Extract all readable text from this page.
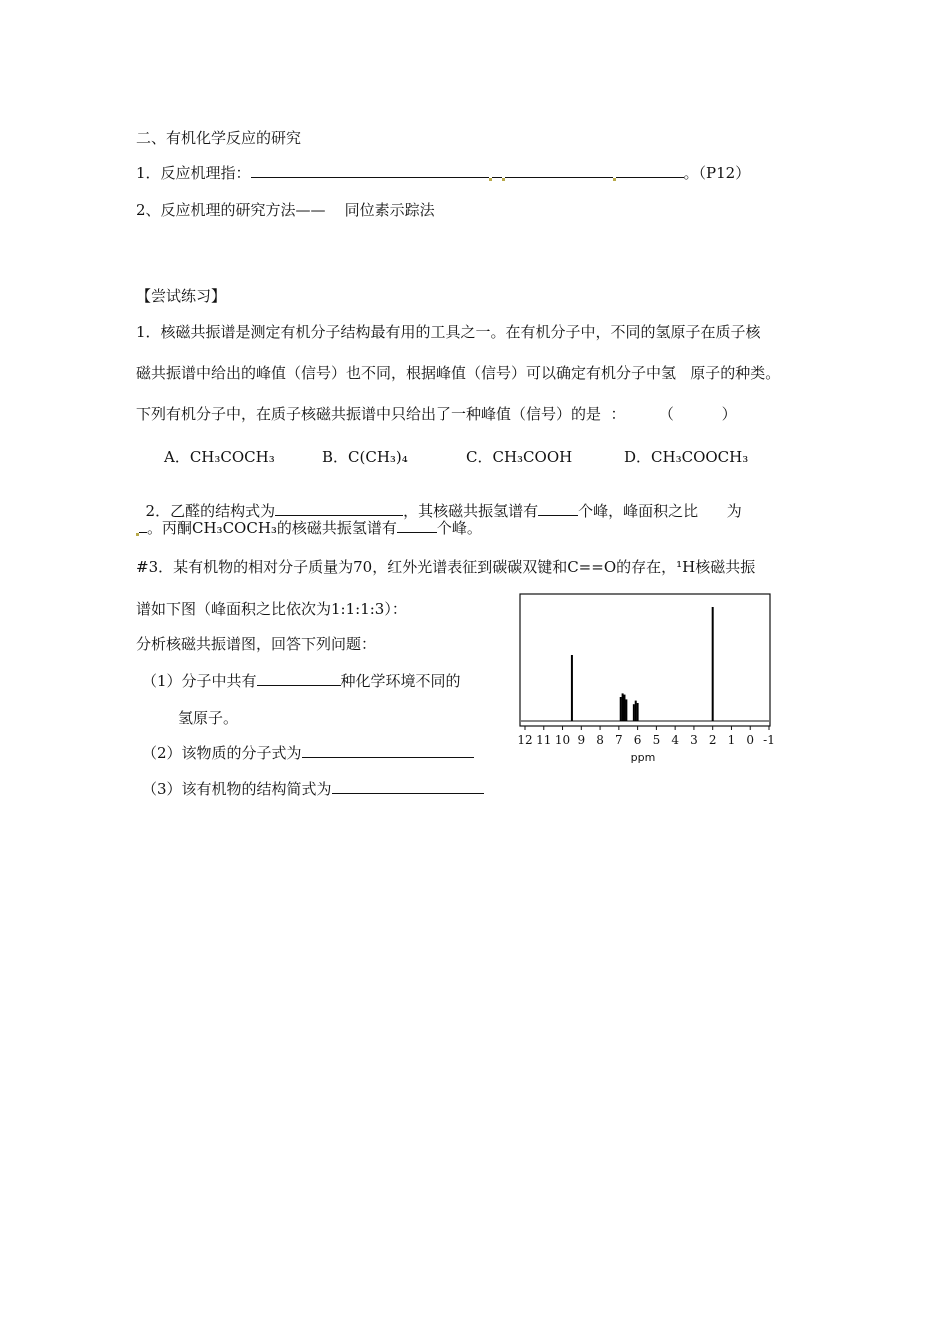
二、有机化学反应的研究
1．反应机理指：	。（P12）
2、反应机理的研究方法——    同位素示踪法
【尝试练习】
1．核磁共振谱是测定有机分子结构最有用的工具之一。在有机分子中，不同的氢原子在质子核
磁共振谱中给出的峰值（信号）也不同，根据峰值（信号）可以确定有机分子中氢   原子的种类。
下列有机分子中，在质子核磁共振谱中只给出了一种峰值（信号）的是  ：       （          ）
A．CH₃COCH₃	B．C(CH₃)₄	C．CH₃COOH	D．CH₃COOCH₃

2．乙醛的结构式为	，其核磁共振氢谱有	个峰，峰面积之比      为

。丙酮CH₃COCH₃的核磁共振氢谱有	个峰。
#3．某有机物的相对分子质量为70，红外光谱表征到碳碳双键和C==O的存在，¹H核磁共振
谱如下图（峰面积之比依次为1:1:1:3）：
分析核磁共振谱图，回答下列问题：
（1）分子中共有	种化学环境不同的
氢原子。
（2）该物质的分子式为
（3）该有机物的结构简式为
12 11 10 9 8 7 6 5 4 3 2 1 0 -1
ppm
